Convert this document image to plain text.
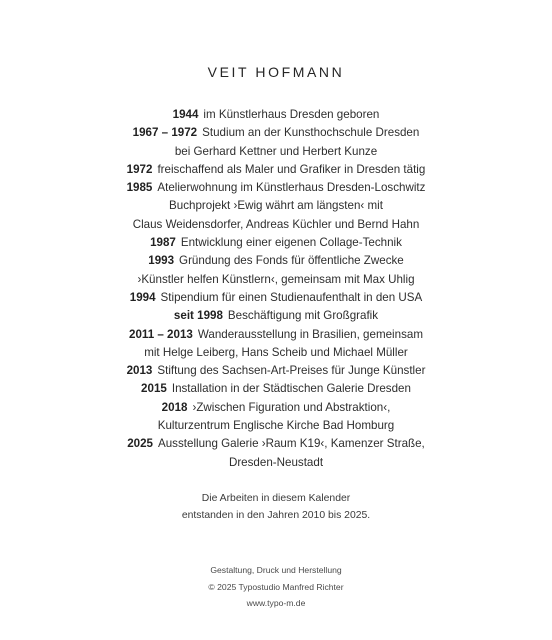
VEIT HOFMANN
1944 im Künstlerhaus Dresden geboren
1967 – 1972 Studium an der Kunsthochschule Dresden
bei Gerhard Kettner und Herbert Kunze
1972 freischaffend als Maler und Grafiker in Dresden tätig
1985 Atelierwohnung im Künstlerhaus Dresden-Loschwitz
Buchprojekt ›Ewig währt am längsten‹ mit
Claus Weidensdorfer, Andreas Küchler und Bernd Hahn
1987 Entwicklung einer eigenen Collage-Technik
1993 Gründung des Fonds für öffentliche Zwecke
›Künstler helfen Künstlern‹, gemeinsam mit Max Uhlig
1994 Stipendium für einen Studienaufenthalt in den USA
seit 1998 Beschäftigung mit Großgrafik
2011 – 2013 Wanderausstellung in Brasilien, gemeinsam
mit Helge Leiberg, Hans Scheib und Michael Müller
2013 Stiftung des Sachsen-Art-Preises für Junge Künstler
2015 Installation in der Städtischen Galerie Dresden
2018 ›Zwischen Figuration und Abstraktion‹,
Kulturzentrum Englische Kirche Bad Homburg
2025 Ausstellung Galerie ›Raum K19‹, Kamenzer Straße,
Dresden-Neustadt
Die Arbeiten in diesem Kalender
entstanden in den Jahren 2010 bis 2025.
Gestaltung, Druck und Herstellung
© 2025 Typostudio Manfred Richter
www.typo-m.de
